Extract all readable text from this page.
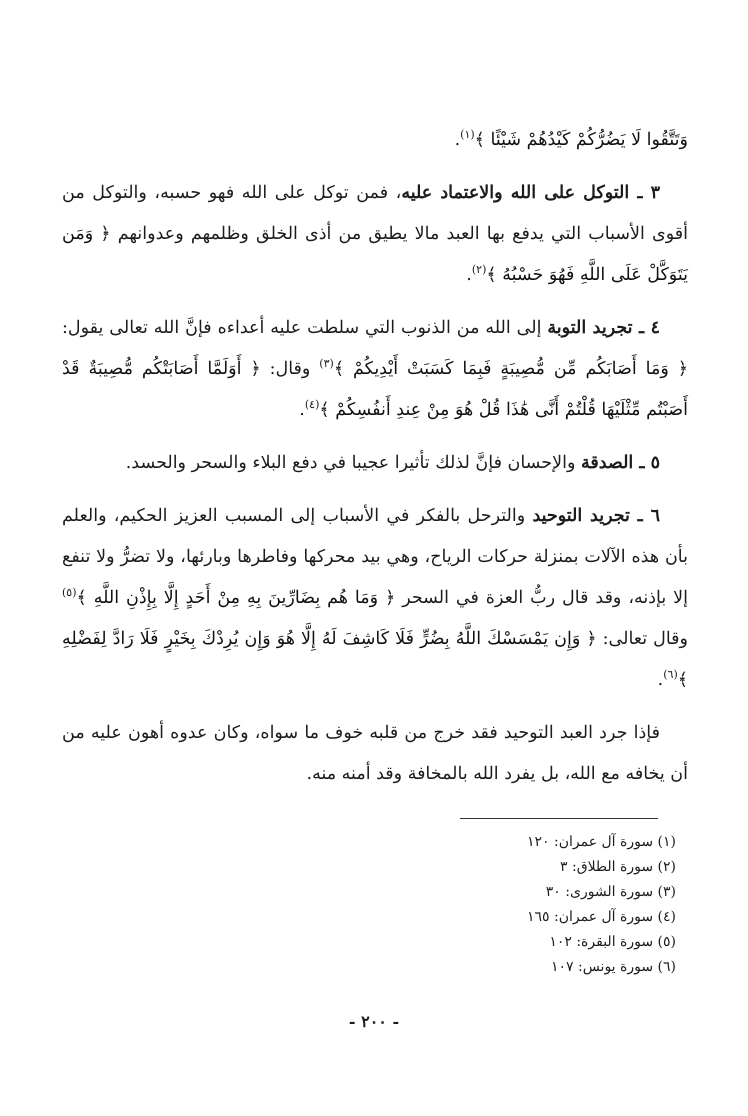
وَتَتَّقُوا لَا يَضُرُّكُمْ كَيْدُهُمْ شَيْئًا ﴾$^{(١)}$.

٣ ـ التوكل على الله والاعتماد عليه، فمن توكل على الله فهو حسبه، والتوكل من أقوى الأسباب التي يدفع بها العبد مالا يطيق من أذى الخلق وظلمهم وعدوانهم ﴿ وَمَن يَتَوَكَّلْ عَلَى اللَّهِ فَهُوَ حَسْبُهُ ﴾$^{(٢)}$.

٤ ـ تجريد التوبة إلى الله من الذنوب التي سلطت عليه أعداءه فإنَّ الله تعالى يقول: ﴿ وَمَا أَصَابَكُم مِّن مُّصِيبَةٍ فَبِمَا كَسَبَتْ أَيْدِيكُمْ ﴾$^{(٣)}$ وقال: ﴿ أَوَلَمَّا أَصَابَتْكُم مُّصِيبَةٌ قَدْ أَصَبْتُم مِّثْلَيْهَا قُلْتُمْ أَنَّى هَٰذَا قُلْ هُوَ مِنْ عِندِ أَنفُسِكُمْ ﴾$^{(٤)}$.

٥ ـ الصدقة والإحسان فإنَّ لذلك تأثيرا عجيبا في دفع البلاء والسحر والحسد.

٦ ـ تجريد التوحيد والترحل بالفكر في الأسباب إلى المسبب العزيز الحكيم، والعلم بأن هذه الآلات بمنزلة حركات الرياح، وهي بيد محركها وفاطرها وبارئها، ولا تضرُّ ولا تنفع إلا بإذنه، وقد قال ربُّ العزة في السحر ﴿ وَمَا هُم بِضَارِّينَ بِهِ مِنْ أَحَدٍ إِلَّا بِإِذْنِ اللَّهِ ﴾$^{(٥)}$ وقال تعالى: ﴿ وَإِن يَمْسَسْكَ اللَّهُ بِضُرٍّ فَلَا كَاشِفَ لَهُ إِلَّا هُوَ وَإِن يُرِدْكَ بِخَيْرٍ فَلَا رَادَّ لِفَضْلِهِ ﴾$^{(٦)}$.

فإذا جرد العبد التوحيد فقد خرج من قلبه خوف ما سواه، وكان عدوه أهون عليه من أن يخافه مع الله، بل يفرد الله بالمخافة وقد أمنه منه.

(١) سورة آل عمران: ١٢٠
(٢) سورة الطلاق: ٣
(٣) سورة الشورى: ٣٠
(٤) سورة آل عمران: ١٦٥
(٥) سورة البقرة: ١٠٢
(٦) سورة يونس: ١٠٧
- ٢٠٠ -
